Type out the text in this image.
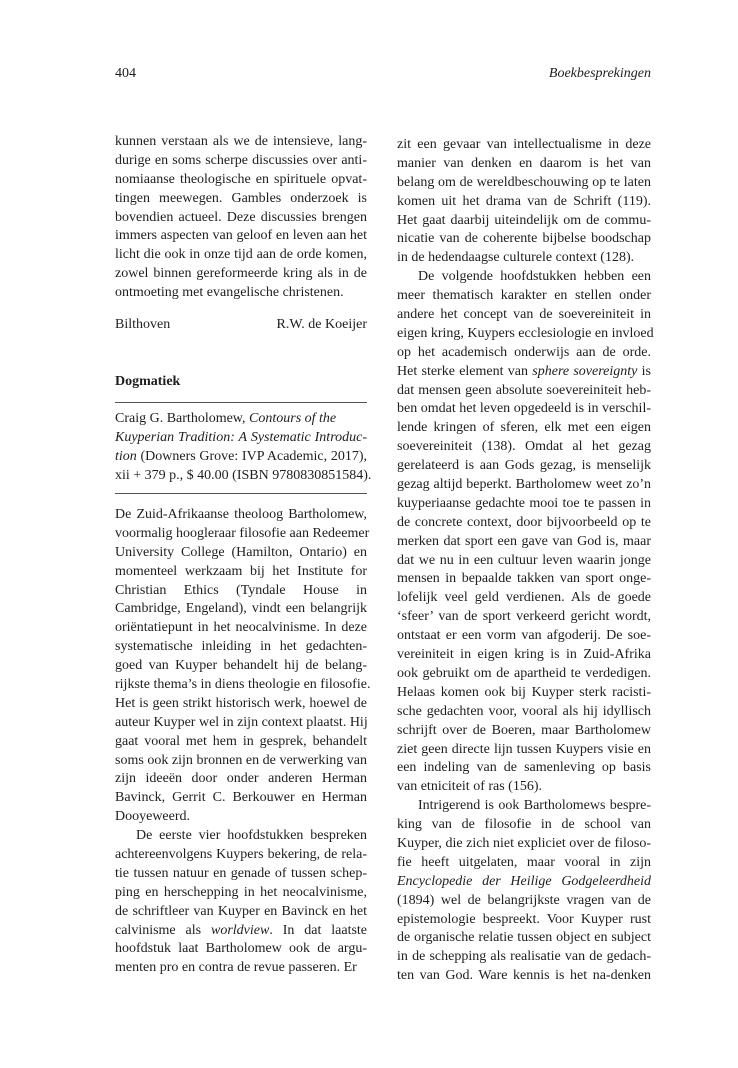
404	Boekbesprekingen
kunnen verstaan als we de intensieve, lang-
durige en soms scherpe discussies over anti-
nomiaanse theologische en spirituele opvat-
tingen meewegen. Gambles onderzoek is
bovendien actueel. Deze discussies brengen
immers aspecten van geloof en leven aan het
licht die ook in onze tijd aan de orde komen,
zowel binnen gereformeerde kring als in de
ontmoeting met evangelische christenen.
Bilthoven	R.W. de Koeijer
Dogmatiek
Craig G. Bartholomew, Contours of the
Kuyperian Tradition: A Systematic Introduc-
tion (Downers Grove: IVP Academic, 2017),
xii + 379 p., $ 40.00 (ISBN 9780830851584).
De Zuid-Afrikaanse theoloog Bartholomew,
voormalig hoogleraar filosofie aan Redeemer
University College (Hamilton, Ontario) en
momenteel werkzaam bij het Institute for
Christian Ethics (Tyndale House in
Cambridge, Engeland), vindt een belangrijk
oriëntatiepunt in het neocalvinisme. In deze
systematische inleiding in het gedachten-
goed van Kuyper behandelt hij de belang-
rijkste thema’s in diens theologie en filosofie.
Het is geen strikt historisch werk, hoewel de
auteur Kuyper wel in zijn context plaatst. Hij
gaat vooral met hem in gesprek, behandelt
soms ook zijn bronnen en de verwerking van
zijn ideeën door onder anderen Herman
Bavinck, Gerrit C. Berkouwer en Herman
Dooyeweerd.
De eerste vier hoofdstukken bespreken
achtereenvolgens Kuypers bekering, de rela-
tie tussen natuur en genade of tussen schep-
ping en herschepping in het neocalvinisme,
de schriftleer van Kuyper en Bavinck en het
calvinisme als worldview. In dat laatste
hoofdstuk laat Bartholomew ook de argu-
menten pro en contra de revue passeren. Er
zit een gevaar van intellectualisme in deze
manier van denken en daarom is het van
belang om de wereldbeschouwing op te laten
komen uit het drama van de Schrift (119).
Het gaat daarbij uiteindelijk om de commu-
nicatie van de coherente bijbelse boodschap
in de hedendaagse culturele context (128).
De volgende hoofdstukken hebben een
meer thematisch karakter en stellen onder
andere het concept van de soevereiniteit in
eigen kring, Kuypers ecclesiologie en invloed
op het academisch onderwijs aan de orde.
Het sterke element van sphere sovereignty is
dat mensen geen absolute soevereiniteit heb-
ben omdat het leven opgedeeld is in verschil-
lende kringen of sferen, elk met een eigen
soevereiniteit (138). Omdat al het gezag
gerelateerd is aan Gods gezag, is menselijk
gezag altijd beperkt. Bartholomew weet zo’n
kuyperiaanse gedachte mooi toe te passen in
de concrete context, door bijvoorbeeld op te
merken dat sport een gave van God is, maar
dat we nu in een cultuur leven waarin jonge
mensen in bepaalde takken van sport onge-
lofelijk veel geld verdienen. Als de goede
‘sfeer’ van de sport verkeerd gericht wordt,
ontstaat er een vorm van afgoderij. De soe-
vereiniteit in eigen kring is in Zuid-Afrika
ook gebruikt om de apartheid te verdedigen.
Helaas komen ook bij Kuyper sterk racisti-
sche gedachten voor, vooral als hij idyllisch
schrijft over de Boeren, maar Bartholomew
ziet geen directe lijn tussen Kuypers visie en
een indeling van de samenleving op basis
van etniciteit of ras (156).
Intrigerend is ook Bartholomews bespre-
king van de filosofie in de school van
Kuyper, die zich niet expliciet over de filoso-
fie heeft uitgelaten, maar vooral in zijn
Encyclopedie der Heilige Godgeleerdheid
(1894) wel de belangrijkste vragen van de
epistemologie bespreekt. Voor Kuyper rust
de organische relatie tussen object en subject
in de schepping als realisatie van de gedach-
ten van God. Ware kennis is het na-denken
